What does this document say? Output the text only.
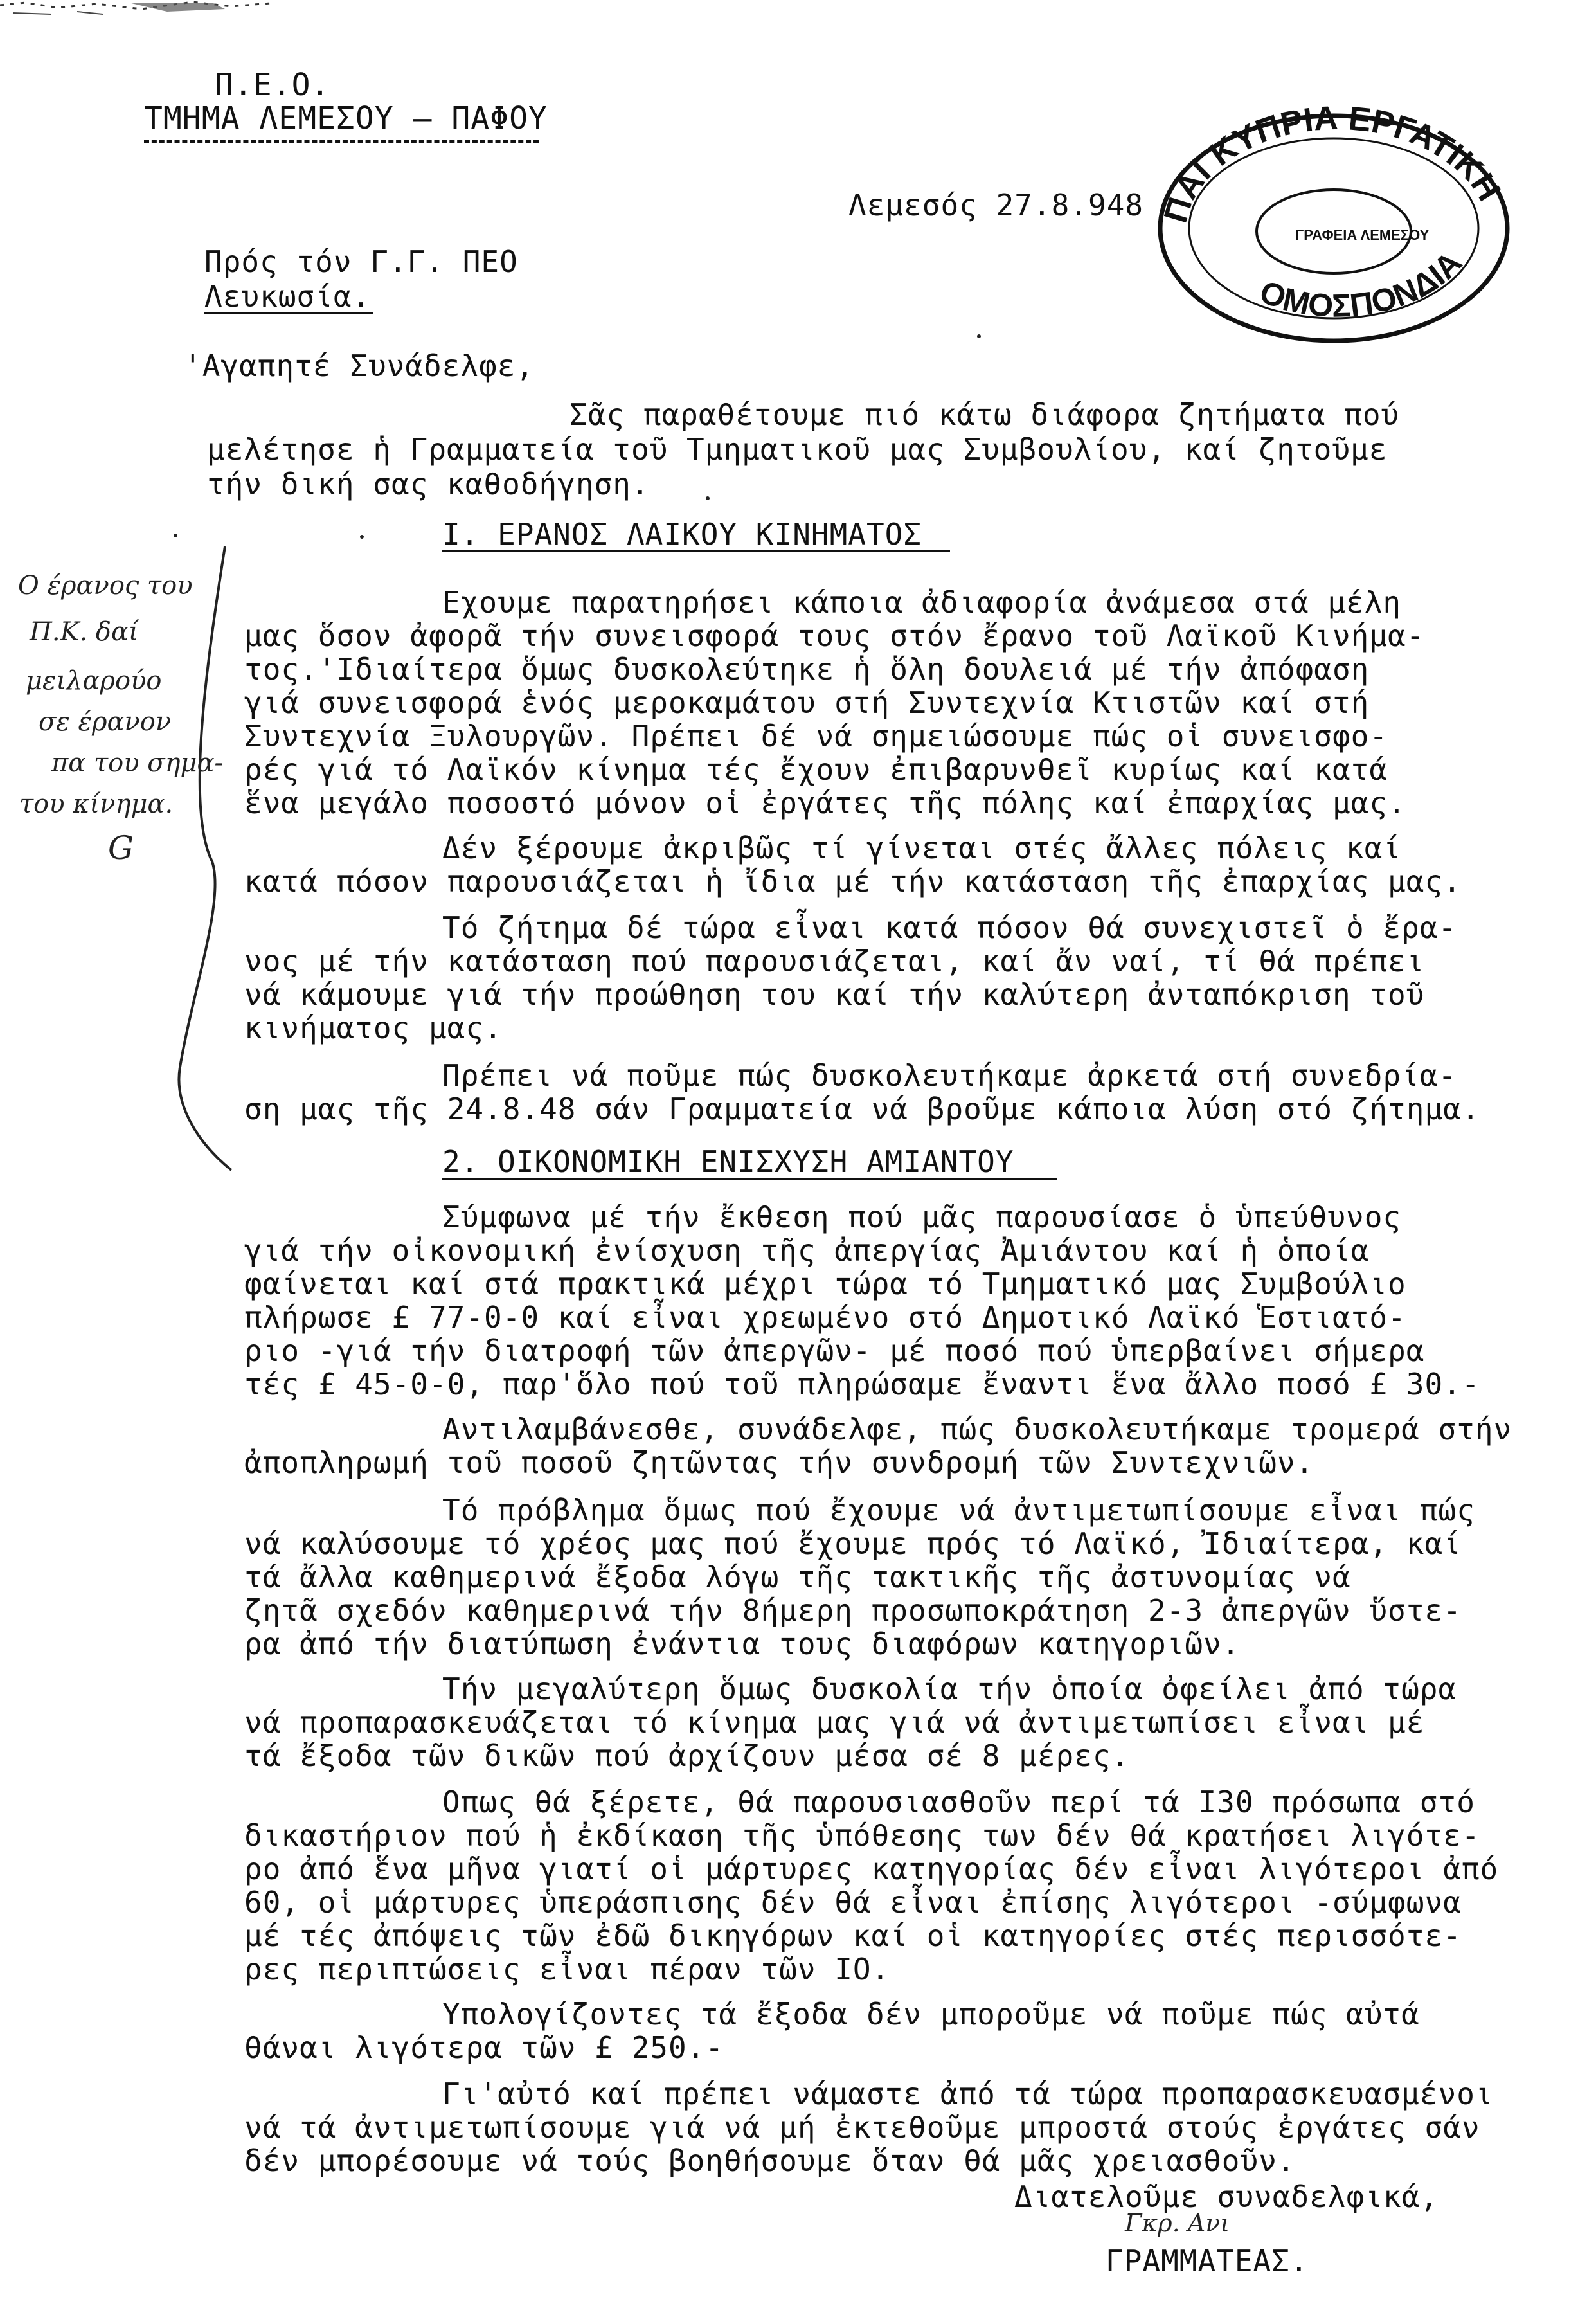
Π.Ε.Ο.
ΤΜΗΜΑ ΛΕΜΕΣΟΥ – ΠΑΦΟΥ
Λεμεσός 27.8.948 ΠΑΓΚΥΠΡΙΑ ΕΡΓΑΤΙΚΗ
ΟΜΟΣΠΟΝΔΙΑ
ΓΡΑΦΕΙΑ ΛΕΜΕΣΟΥ
Πρός τόν Γ.Γ. ΠΕΟ
Λευκωσία.
'Αγαπητέ Συνάδελφε,
Σᾶς παραθέτουμε πιό κάτω διάφορα ζητήματα πού
μελέτησε ἡ Γραμματεία τοῦ Τμηματικοῦ μας Συμβουλίου, καί ζητοῦμε
τήν δική σας καθοδήγηση.
I. ΕΡΑΝΟΣ ΛΑΙΚΟΥ ΚΙΝΗΜΑΤΟΣ
Εχουμε παρατηρήσει κάποια ἀδιαφορία ἀνάμεσα στά μέλη
μας ὅσον ἀφορᾶ τήν συνεισφορά τους στόν ἔρανο τοῦ Λαϊκοῦ Κινήμα-
τος.'Ιδιαίτερα ὅμως δυσκολεύτηκε ἡ ὅλη δουλειά μέ τήν ἀπόφαση
γιά συνεισφορά ἑνός μεροκαμάτου στή Συντεχνία Κτιστῶν καί στή
Συντεχνία Ξυλουργῶν. Πρέπει δέ νά σημειώσουμε πώς οἱ συνεισφο-
ρές γιά τό Λαϊκόν κίνημα τές ἔχουν ἐπιβαρυνθεῖ κυρίως καί κατά
ἕνα μεγάλο ποσοστό μόνον οἱ ἐργάτες τῆς πόλης καί ἐπαρχίας μας.
Δέν ξέρουμε ἀκριβῶς τί γίνεται στές ἄλλες πόλεις καί
κατά πόσον παρουσιάζεται ἡ ἴδια μέ τήν κατάσταση τῆς ἐπαρχίας μας.
Τό ζήτημα δέ τώρα εἶναι κατά πόσον θά συνεχιστεῖ ὁ ἔρα-
νος μέ τήν κατάσταση πού παρουσιάζεται, καί ἄν ναί, τί θά πρέπει
νά κάμουμε γιά τήν προώθηση του καί τήν καλύτερη ἀνταπόκριση τοῦ
κινήματος μας.
Πρέπει νά ποῦμε πώς δυσκολευτήκαμε ἀρκετά στή συνεδρία-
ση μας τῆς 24.8.48 σάν Γραμματεία νά βροῦμε κάποια λύση στό ζήτημα.
2. ΟΙΚΟΝΟΜΙΚΗ ΕΝΙΣΧΥΣΗ ΑΜΙΑΝΤΟΥ
Σύμφωνα μέ τήν ἔκθεση πού μᾶς παρουσίασε ὁ ὑπεύθυνος
γιά τήν οἰκονομική ἐνίσχυση τῆς ἀπεργίας Ἀμιάντου καί ἡ ὁποία
φαίνεται καί στά πρακτικά μέχρι τώρα τό Τμηματικό μας Συμβούλιο
πλήρωσε £ 77-0-0 καί εἶναι χρεωμένο στό Δημοτικό Λαϊκό Ἑστιατό-
ριο -γιά τήν διατροφή τῶν ἀπεργῶν- μέ ποσό πού ὑπερβαίνει σήμερα
τές £ 45-0-0, παρ'ὅλο πού τοῦ πληρώσαμε ἔναντι ἕνα ἄλλο ποσό £ 30.-
Αντιλαμβάνεσθε, συνάδελφε, πώς δυσκολευτήκαμε τρομερά στήν
ἀποπληρωμή τοῦ ποσοῦ ζητῶντας τήν συνδρομή τῶν Συντεχνιῶν.
Τό πρόβλημα ὅμως πού ἔχουμε νά ἀντιμετωπίσουμε εἶναι πώς
νά καλύσουμε τό χρέος μας πού ἔχουμε πρός τό Λαϊκό, Ἰδιαίτερα, καί
τά ἄλλα καθημερινά ἔξοδα λόγω τῆς τακτικῆς τῆς ἀστυνομίας νά
ζητᾶ σχεδόν καθημερινά τήν 8ήμερη προσωποκράτηση 2-3 ἀπεργῶν ὕστε-
ρα ἀπό τήν διατύπωση ἐνάντια τους διαφόρων κατηγοριῶν.
Τήν μεγαλύτερη ὅμως δυσκολία τήν ὁποία ὀφείλει ἀπό τώρα
νά προπαρασκευάζεται τό κίνημα μας γιά νά ἀντιμετωπίσει εἶναι μέ
τά ἔξοδα τῶν δικῶν πού ἀρχίζουν μέσα σέ 8 μέρες.
Οπως θά ξέρετε, θά παρουσιασθοῦν περί τά I30 πρόσωπα στό
δικαστήριον πού ἡ ἐκδίκαση τῆς ὑπόθεσης των δέν θά κρατήσει λιγότε-
ρο ἀπό ἕνα μῆνα γιατί οἱ μάρτυρες κατηγορίας δέν εἶναι λιγότεροι ἀπό
60, οἱ μάρτυρες ὑπεράσπισης δέν θά εἶναι ἐπίσης λιγότεροι -σύμφωνα
μέ τές ἀπόψεις τῶν ἐδῶ δικηγόρων καί οἱ κατηγορίες στές περισσότε-
ρες περιπτώσεις εἶναι πέραν τῶν IO.
Υπολογίζοντες τά ἔξοδα δέν μποροῦμε νά ποῦμε πώς αὐτά
θάναι λιγότερα τῶν £ 250.-
Γι'αὐτό καί πρέπει νάμαστε ἀπό τά τώρα προπαρασκευασμένοι
νά τά ἀντιμετωπίσουμε γιά νά μή ἐκτεθοῦμε μπροστά στούς ἐργάτες σάν
δέν μπορέσουμε νά τούς βοηθήσουμε ὅταν θά μᾶς χρειασθοῦν.
Διατελοῦμε συναδελφικά,
Γκρ. Ανι
ΓΡΑΜΜΑΤΕΑΣ.
Ο έρανος του
Π.Κ. δαί
μειλαρούο
σε έρανον
πα του σημα-
του κίνημα.
G
